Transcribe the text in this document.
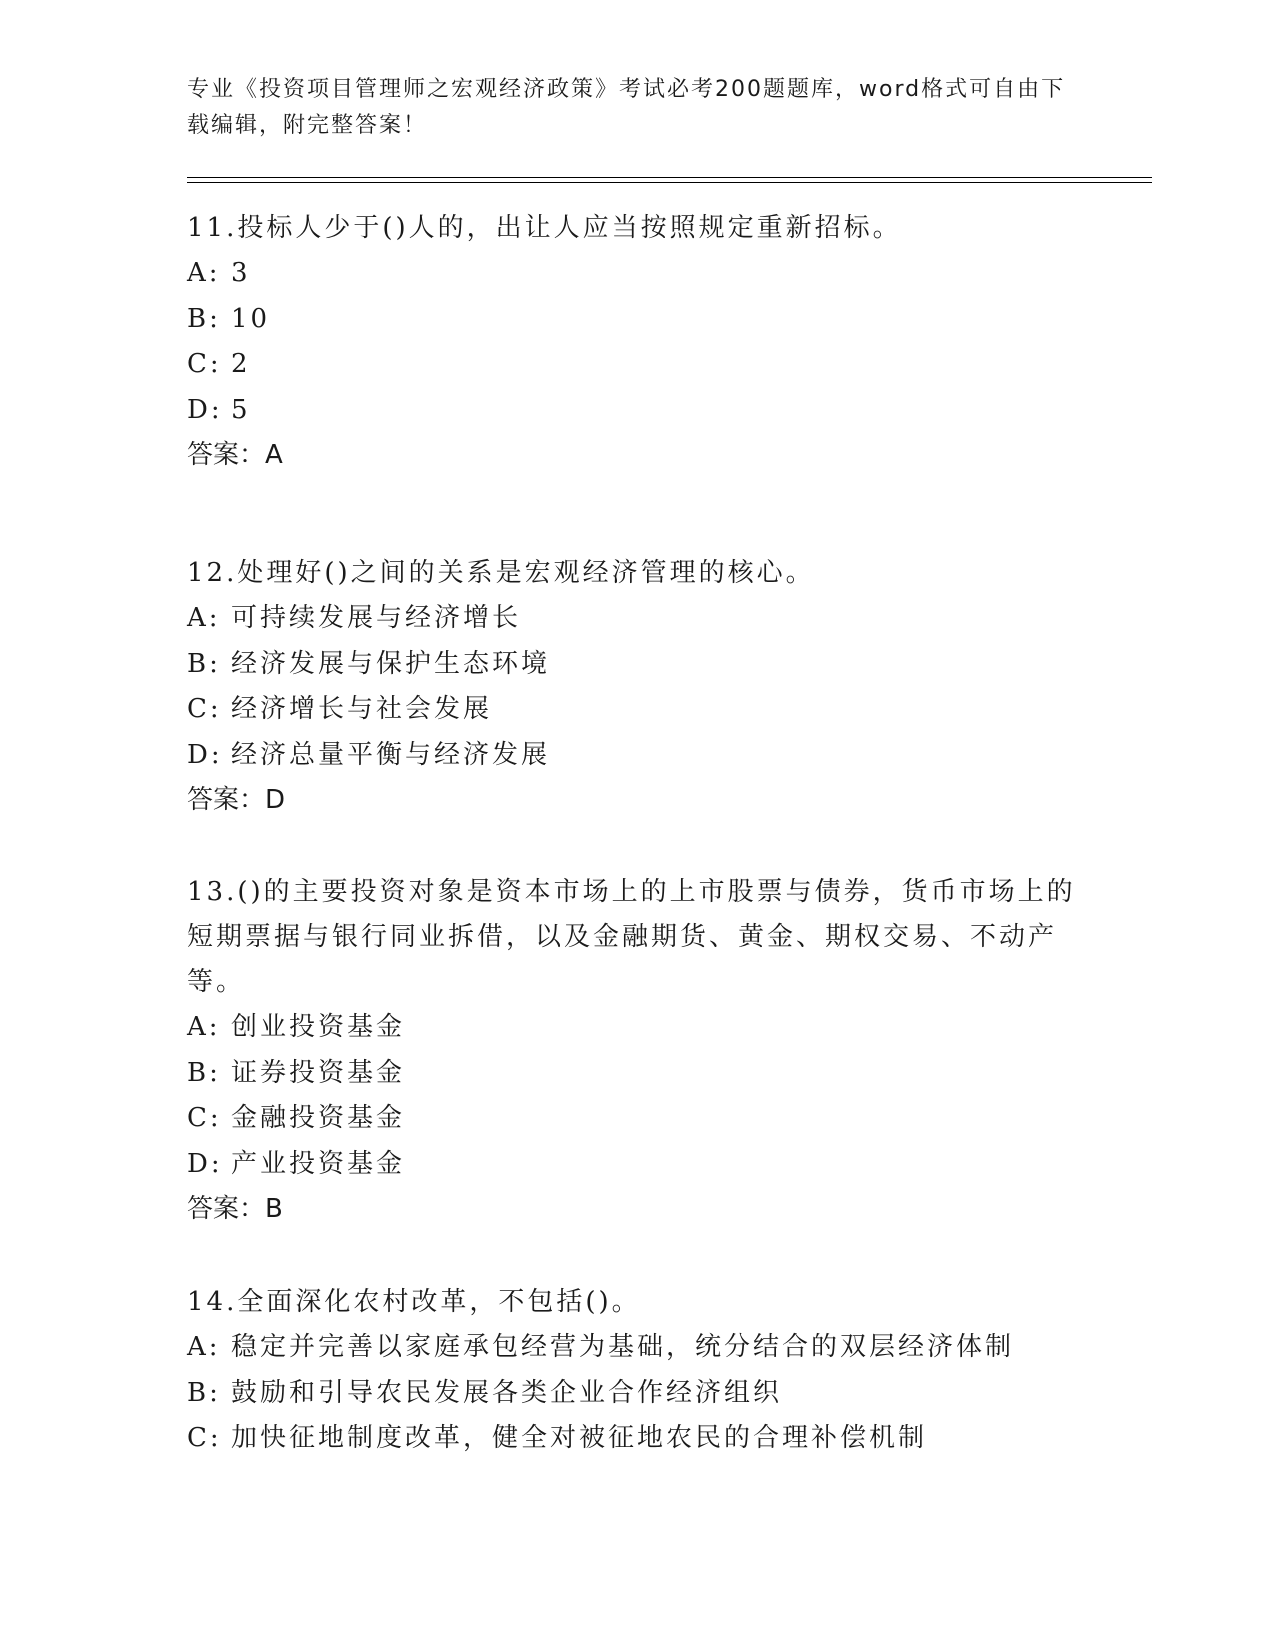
专业《投资项目管理师之宏观经济政策》考试必考200题题库，word格式可自由下载编辑，附完整答案！

11.投标人少于()人的，出让人应当按照规定重新招标。

A: 3

B: 10

C: 2

D: 5

答案：A

12.处理好()之间的关系是宏观经济管理的核心。

A: 可持续发展与经济增长

B: 经济发展与保护生态环境

C: 经济增长与社会发展

D: 经济总量平衡与经济发展

答案：D

13.()的主要投资对象是资本市场上的上市股票与债券，货币市场上的短期票据与银行同业拆借，以及金融期货、黄金、期权交易、不动产等。

A: 创业投资基金

B: 证券投资基金

C: 金融投资基金

D: 产业投资基金

答案：B

14.全面深化农村改革，不包括()。

A: 稳定并完善以家庭承包经营为基础，统分结合的双层经济体制

B: 鼓励和引导农民发展各类企业合作经济组织

C: 加快征地制度改革，健全对被征地农民的合理补偿机制
